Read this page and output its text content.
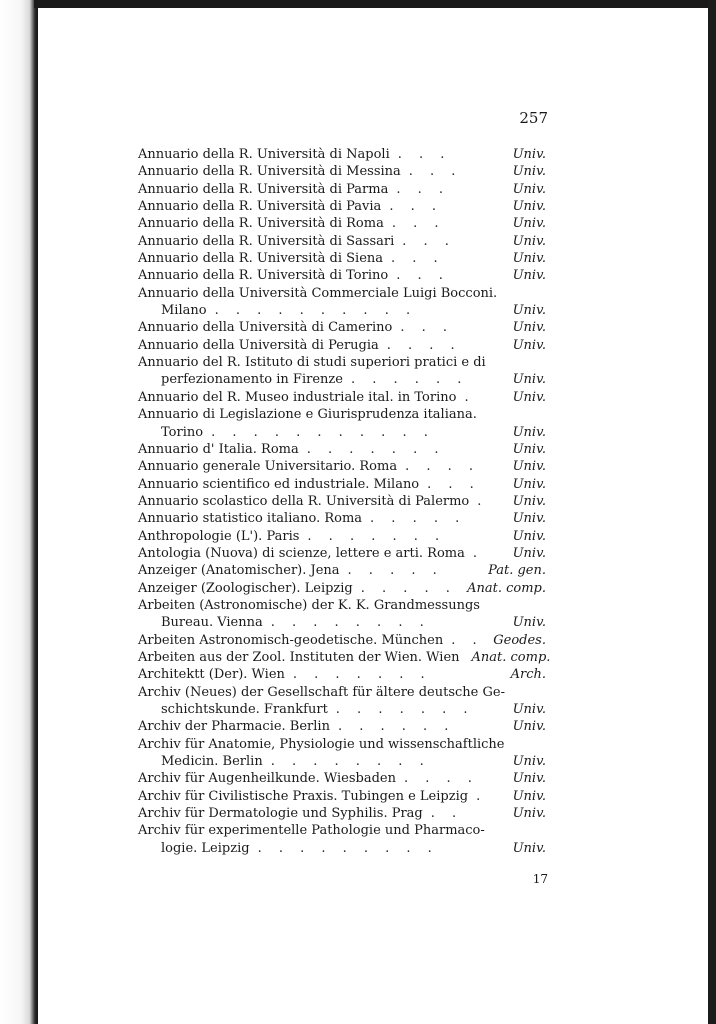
257
Annuario della R. Università di Napoli . . .	Univ.
Annuario della R. Università di Messina . . .	Univ.
Annuario della R. Università di Parma . . .	Univ.
Annuario della R. Università di Pavia . . .	Univ.
Annuario della R. Università di Roma . . .	Univ.
Annuario della R. Università di Sassari . . .	Univ.
Annuario della R. Università di Siena . . .	Univ.
Annuario della R. Università di Torino . . .	Univ.
Annuario della Università Commerciale Luigi Bocconi.
Milano . . . . . . . . . .	Univ.
Annuario della Università di Camerino . . .	Univ.
Annuario della Università di Perugia . . . .	Univ.
Annuario del R. Istituto di studi superiori pratici e di
perfezionamento in Firenze . . . . . .	Univ.
Annuario del R. Museo industriale ital. in Torino .	Univ.
Annuario di Legislazione e Giurisprudenza italiana.
Torino . . . . . . . . . . .	Univ.
Annuario d' Italia. Roma . . . . . . .	Univ.
Annuario generale Universitario. Roma . . . .	Univ.
Annuario scientifico ed industriale. Milano . . .	Univ.
Annuario scolastico della R. Università di Palermo .	Univ.
Annuario statistico italiano. Roma . . . . .	Univ.
Anthropologie (L'). Paris . . . . . . .	Univ.
Antologia (Nuova) di scienze, lettere e arti. Roma .	Univ.
Anzeiger (Anatomischer). Jena . . . . .	Pat. gen.
Anzeiger (Zoologischer). Leipzig . . . . . Anat. comp.
Arbeiten (Astronomische) der K. K. Grandmessungs
Bureau. Vienna . . . . . . . .	Univ.
Arbeiten Astronomisch-geodetische. München . . Geodes.
Arbeiten aus der Zool. Instituten der Wien. Wien Anat. comp.
Architektt (Der). Wien . . . . . . .	Arch.
Archiv (Neues) der Gesellschaft für ältere deutsche Ge-
schichtskunde. Frankfurt . . . . . . .	Univ.
Archiv der Pharmacie. Berlin . . . . . .	Univ.
Archiv für Anatomie, Physiologie und wissenschaftliche
Medicin. Berlin . . . . . . . .	Univ.
Archiv für Augenheilkunde. Wiesbaden . . . .	Univ.
Archiv für Civilistische Praxis. Tubingen e Leipzig .	Univ.
Archiv für Dermatologie und Syphilis. Prag . .	Univ.
Archiv für experimentelle Pathologie und Pharmaco-
logie. Leipzig . . . . . . . . .	Univ.
17
